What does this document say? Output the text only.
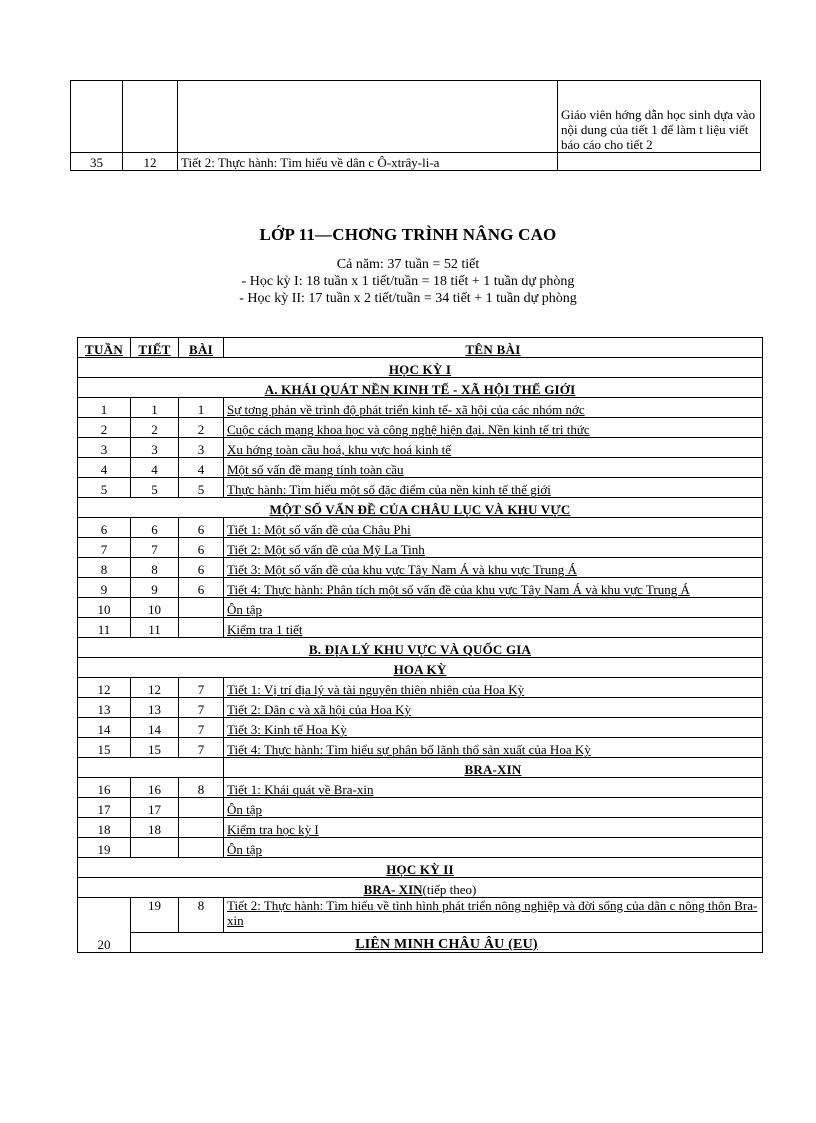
			Giáo viên hớng dẫn học sinh dựa vào nội dung của tiết 1 để làm t liệu viết báo cáo cho tiết 2
35	12	Tiết 2: Thực hành: Tìm hiểu về dân c Ô-xtrây-li-a	
LỚP 11—CHƠNG TRÌNH NÂNG CAO
Cả năm: 37 tuần = 52 tiết
- Học kỳ I: 18 tuần x 1 tiết/tuần = 18 tiết + 1 tuần dự phòng
- Học kỳ II: 17 tuần x 2 tiết/tuần = 34 tiết + 1 tuần dự phòng
TUẦN	TIẾT	BÀI	TÊN BÀI
HỌC KỲ I			
A. KHÁI QUÁT NỀN KINH TẾ - XÃ HỘI THẾ GIỚI			
1	1	1	Sự tơng phản về trình độ phát triển kinh tế- xã hội của các nhóm nớc
2	2	2	Cuộc cách mạng khoa học và công nghệ hiện đại. Nền kinh tế tri thức
3	3	3	Xu hớng toàn cầu hoá, khu vực hoá kinh tế
4	4	4	Một số vấn đề mang tính toàn cầu
5	5	5	Thực hành: Tìm hiểu một số đặc điểm của nền kinh tế thế giới
MỘT SỐ VẤN ĐỀ CỦA CHÂU LỤC VÀ KHU VỰC			
6	6	6	Tiết 1: Một số vấn đề của Châu Phi
7	7	6	Tiết 2: Một số vấn đề của Mỹ La Tinh
8	8	6	Tiết 3: Một số vấn đề của khu vực Tây Nam Á và khu vực Trung Á
9	9	6	Tiết 4: Thực hành: Phân tích một số vấn đề của khu vực Tây Nam Á và khu vực Trung Á
10	10		Ôn tập
11	11		Kiểm tra 1 tiết
B. ĐỊA LÝ KHU VỰC VÀ QUỐC GIA			
HOA KỲ			
12	12	7	Tiết 1: Vị trí địa lý và tài nguyên thiên nhiên của Hoa Kỳ
13	13	7	Tiết 2: Dân c và xã hội của Hoa Kỳ
14	14	7	Tiết 3: Kinh tế Hoa Kỳ
15	15	7	Tiết 4: Thực hành: Tìm hiểu sự phân bố lãnh thổ sản xuất của Hoa Kỳ
			BRA-XIN
16	16	8	Tiết 1: Khái quát về Bra-xin
17	17		Ôn tập
18	18		Kiểm tra học kỳ I
19			Ôn tập
HỌC KỲ II			
BRA- XIN(tiếp theo)			
20	19	8	Tiết 2: Thực hành: Tìm hiểu về tình hình phát triển nông nghiệp và đời sống của dân c nông thôn Bra-xin
	LIÊN MINH CHÂU ÂU (EU)		
